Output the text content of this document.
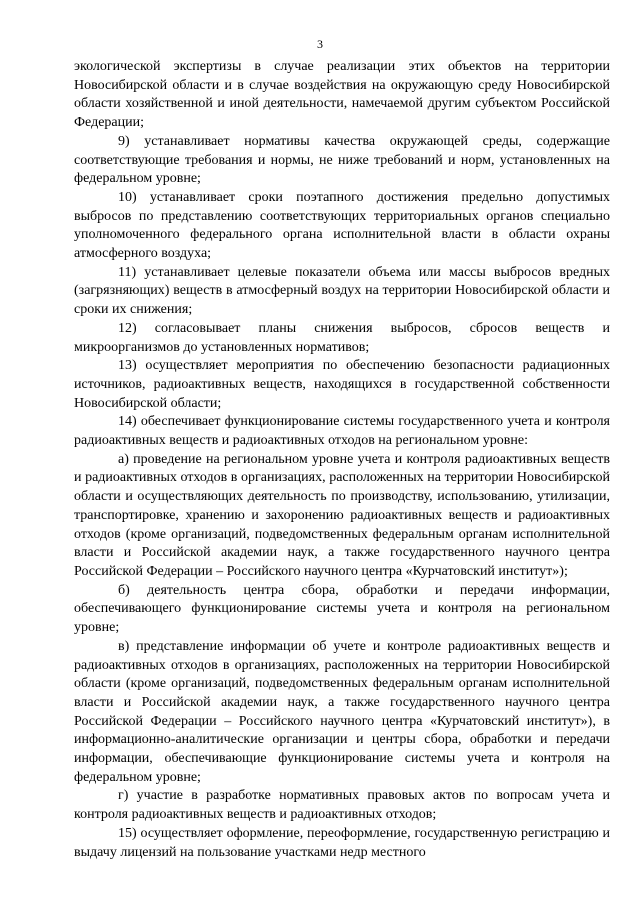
3

экологической экспертизы в случае реализации этих объектов на территории Новосибирской области и в случае воздействия на окружающую среду Новосибирской области хозяйственной и иной деятельности, намечаемой другим субъектом Российской Федерации;

9) устанавливает нормативы качества окружающей среды, содержащие соответствующие требования и нормы, не ниже требований и норм, установленных на федеральном уровне;

10) устанавливает сроки поэтапного достижения предельно допустимых выбросов по представлению соответствующих территориальных органов специально уполномоченного федерального органа исполнительной власти в области охраны атмосферного воздуха;

11) устанавливает целевые показатели объема или массы выбросов вредных (загрязняющих) веществ в атмосферный воздух на территории Новосибирской области и сроки их снижения;

12) согласовывает планы снижения выбросов, сбросов веществ и микроорганизмов до установленных нормативов;

13) осуществляет мероприятия по обеспечению безопасности радиационных источников, радиоактивных веществ, находящихся в государственной собственности Новосибирской области;

14) обеспечивает функционирование системы государственного учета и контроля радиоактивных веществ и радиоактивных отходов на региональном уровне:

а) проведение на региональном уровне учета и контроля радиоактивных веществ и радиоактивных отходов в организациях, расположенных на территории Новосибирской области и осуществляющих деятельность по производству, использованию, утилизации, транспортировке, хранению и захоронению радиоактивных веществ и радиоактивных отходов (кроме организаций, подведомственных федеральным органам исполнительной власти и Российской академии наук, а также государственного научного центра Российской Федерации – Российского научного центра «Курчатовский институт»);

б) деятельность центра сбора, обработки и передачи информации, обеспечивающего функционирование системы учета и контроля на региональном уровне;

в) представление информации об учете и контроле радиоактивных веществ и радиоактивных отходов в организациях, расположенных на территории Новосибирской области (кроме организаций, подведомственных федеральным органам исполнительной власти и Российской академии наук, а также государственного научного центра Российской Федерации – Российского научного центра «Курчатовский институт»), в информационно-аналитические организации и центры сбора, обработки и передачи информации, обеспечивающие функционирование системы учета и контроля на федеральном уровне;

г) участие в разработке нормативных правовых актов по вопросам учета и контроля радиоактивных веществ и радиоактивных отходов;

15) осуществляет оформление, переоформление, государственную регистрацию и выдачу лицензий на пользование участками недр местного
